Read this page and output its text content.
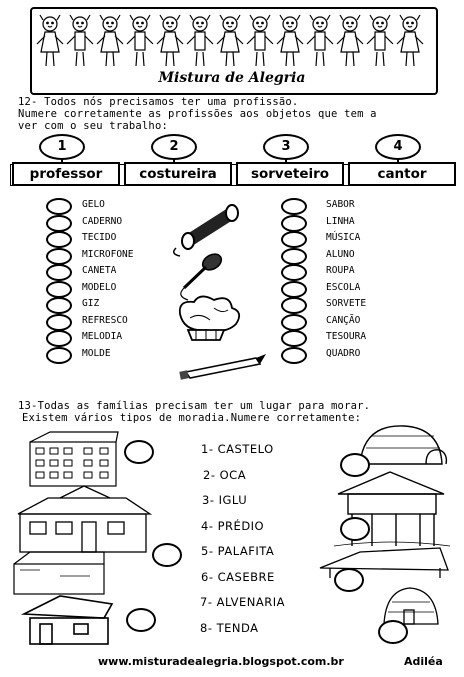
Mistura de Alegria
12- Todos nós precisamos ter uma profissão.
Numere corretamente as profissões aos objetos que tem a
ver com o seu trabalho:
1	2	3	4
professor	costureira	sorveteiro	cantor
GELO
CADERNO
TECIDO
MICROFONE
CANETA
MODELO
GIZ
REFRESCO
MELODIA
MOLDE
SABOR
LINHA
MÚSICA
ALUNO
ROUPA
ESCOLA
SORVETE
CANÇÃO
TESOURA
QUADRO
13-Todas as famílias precisam ter um lugar para morar.
Existem vários tipos de moradia.Numere corretamente:
1- CASTELO
2- OCA
3- IGLU
4- PRÉDIO
5- PALAFITA
6- CASEBRE
7- ALVENARIA
8- TENDA
www.misturadealegria.blogspot.com.br	Adiléa
